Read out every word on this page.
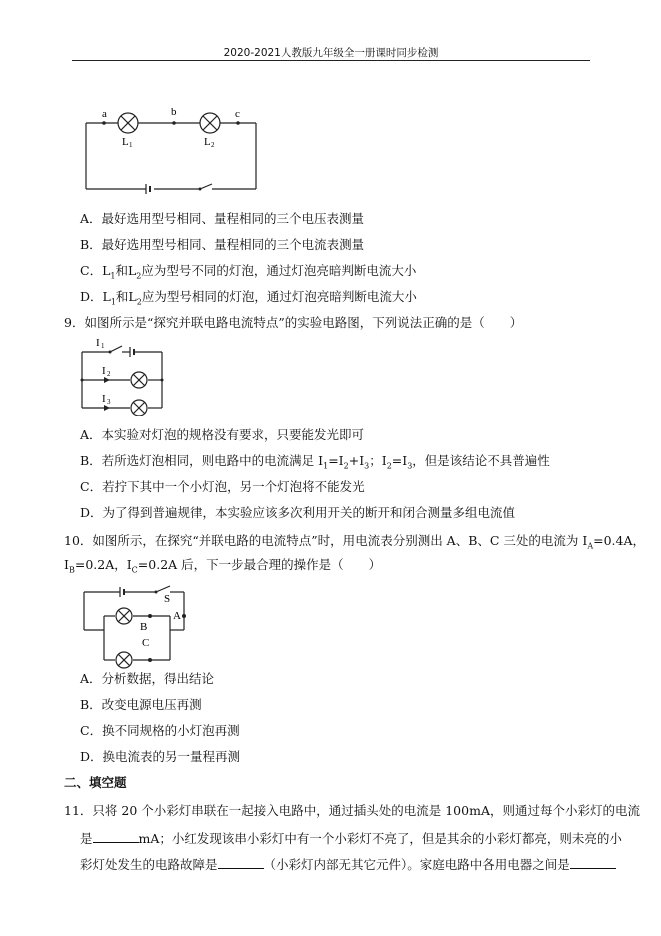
2020-2021人教版九年级全一册课时同步检测
a	b	c
L 1	L 2
A．最好选用型号相同、量程相同的三个电压表测量
B．最好选用型号相同、量程相同的三个电流表测量
C．$L_1$和$L_2$应为型号不同的灯泡，通过灯泡亮暗判断电流大小
D．$L_1$和$L_2$应为型号相同的灯泡，通过灯泡亮暗判断电流大小
9．如图所示是“探究并联电路电流特点”的实验电路图，下列说法正确的是（　　）
I 1
I 2
I 3
A．本实验对灯泡的规格没有要求，只要能发光即可
B．若所选灯泡相同，则电路中的电流满足 $I_1=I_2+I_3$；$I_2=I_3$，但是该结论不具普遍性
C．若拧下其中一个小灯泡，另一个灯泡将不能发光
D．为了得到普遍规律，本实验应该多次利用开关的断开和闭合测量多组电流值
10．如图所示，在探究“并联电路的电流特点”时，用电流表分别测出 A、B、C 三处的电流为 $I_A=0.4A$，
$I_B=0.2A$，$I_C=0.2A$ 后，下一步最合理的操作是（　　）
S
A
B
C
A．分析数据，得出结论
B．改变电源电压再测
C．换不同规格的小灯泡再测
D．换电流表的另一量程再测
二、填空题
11．只将 20 个小彩灯串联在一起接入电路中，通过插头处的电流是 100mA，则通过每个小彩灯的电流
是	mA；小红发现该串小彩灯中有一个小彩灯不亮了，但是其余的小彩灯都亮，则未亮的小
彩灯处发生的电路故障是	（小彩灯内部无其它元件）。家庭电路中各用电器之间是
